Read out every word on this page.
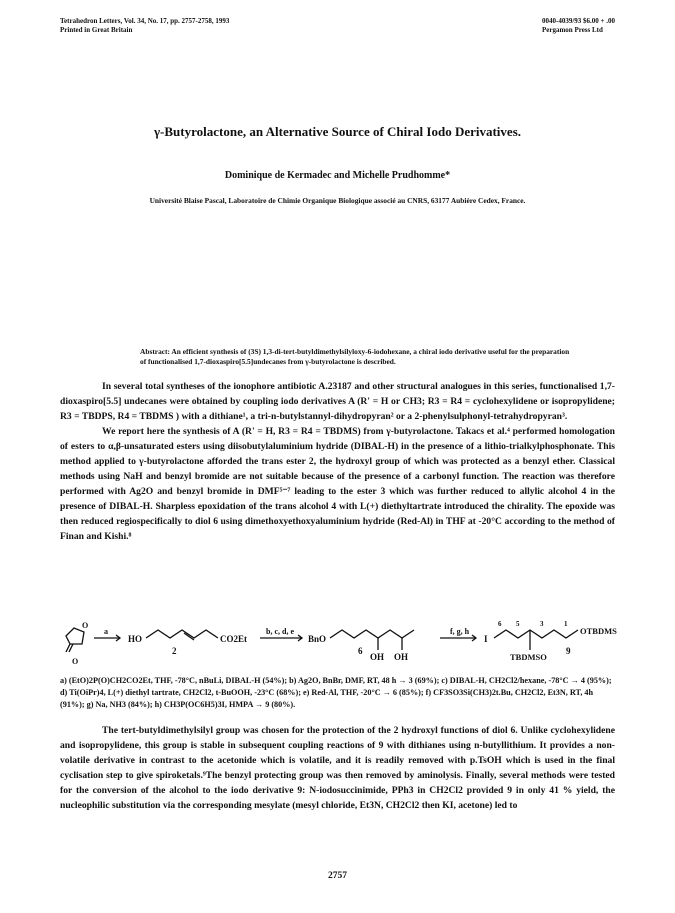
Tetrahedron Letters, Vol. 34, No. 17, pp. 2757-2758, 1993
Printed in Great Britain
0040-4039/93 $6.00 + .00
Pergamon Press Ltd
γ-Butyrolactone, an Alternative Source of Chiral Iodo Derivatives.
Dominique de Kermadec and Michelle Prudhomme*
Université Blaise Pascal, Laboratoire de Chimie Organique Biologique associé au CNRS, 63177 Aubière Cedex, France.
Abstract: An efficient synthesis of (3S) 1,3-di-tert-butyldimethylsilyloxy-6-iodohexane, a chiral iodo derivative useful for the preparation of functionalised 1,7-dioxaspiro[5.5]undecanes from γ-butyrolactone is described.

In several total syntheses of the ionophore antibiotic A.23187 and other structural analogues in this series, functionalised 1,7-dioxaspiro[5.5] undecanes were obtained by coupling iodo derivatives A (R' = H or CH3; R3 = R4 = cyclohexylidene or isopropylidene; R3 = TBDPS, R4 = TBDMS ) with a dithiane¹, a tri-n-butylstannyl-dihydropyran² or a 2-phenylsulphonyl-tetrahydropyran³.

We report here the synthesis of A (R' = H, R3 = R4 = TBDMS) from γ-butyrolactone. Takacs et al.⁴ performed homologation of esters to α,β-unsaturated esters using diisobutylaluminium hydride (DIBAL-H) in the presence of a lithio-trialkylphosphonate. This method applied to γ-butyrolactone afforded the trans ester 2, the hydroxyl group of which was protected as a benzyl ether. Classical methods using NaH and benzyl bromide are not suitable because of the presence of a carbonyl function. The reaction was therefore performed with Ag2O and benzyl bromide in DMF⁵⁻⁷ leading to the ester 3 which was further reduced to allylic alcohol 4 in the presence of DIBAL-H. Sharpless epoxidation of the trans alcohol 4 with L(+) diethyltartrate introduced the chirality. The epoxide was then reduced regiospecifically to diol 6 using dimethoxyethoxyaluminium hydride (Red-Al) in THF at -20°C according to the method of Finan and Kishi.⁸

O
O
a
HO	CO2Et
2
b, c, d, e
BnO
6
OH OH
f, g, h
I
6 5	3	1
OTBDMS
TBDMSO
9
a) (EtO)2P(O)CH2CO2Et, THF, -78°C, nBuLi, DIBAL-H (54%); b) Ag2O, BnBr, DMF, RT, 48 h → 3 (69%); c) DIBAL-H, CH2Cl2/hexane, -78°C → 4 (95%); d) Ti(OiPr)4, L(+) diethyl tartrate, CH2Cl2, t-BuOOH, -23°C (68%); e) Red-Al, THF, -20°C → 6 (85%); f) CF3SO3Si(CH3)2t.Bu, CH2Cl2, Et3N, RT, 4h (91%); g) Na, NH3 (84%); h) CH3P(OC6H5)3I, HMPA → 9 (80%).

The tert-butyldimethylsilyl group was chosen for the protection of the 2 hydroxyl functions of diol 6. Unlike cyclohexylidene and isopropylidene, this group is stable in subsequent coupling reactions of 9 with dithianes using n-butyllithium. It provides a non-volatile derivative in contrast to the acetonide which is volatile, and it is readily removed with p.TsOH which is used in the final cyclisation step to give spiroketals.⁹The benzyl protecting group was then removed by aminolysis. Finally, several methods were tested for the conversion of the alcohol to the iodo derivative 9: N-iodosuccinimide, PPh3 in CH2Cl2 provided 9 in only 41 % yield, the nucleophilic substitution via the corresponding mesylate (mesyl chloride, Et3N, CH2Cl2 then KI, acetone) led to

2757
